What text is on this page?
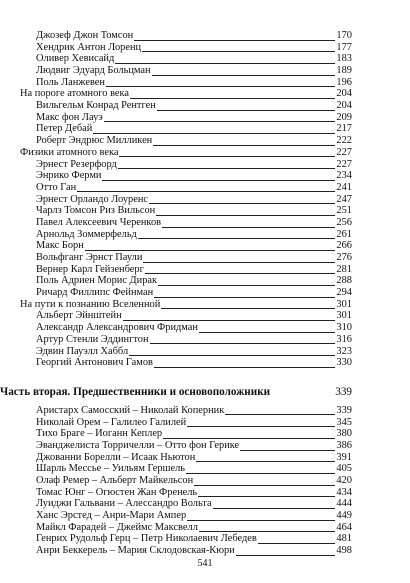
Джозеф Джон Томсон	170
Хендрик Антон Лоренц	177
Оливер Хевисайд	183
Людвиг Эдуард Больцман	189
Поль Ланжевен	196
На пороге атомного века	204
Вильгельм Конрад Рентген	204
Макс фон Лауэ	209
Петер Дебай	217
Роберт Эндрюс Милликен	222
Физики атомного века	227
Эрнест Резерфорд	227
Энрико Ферми	234
Отто Ган	241
Эрнест Орландо Лоуренс	247
Чарлз Томсон Риз Вильсон	251
Павел Алексеевич Черенков	256
Арнольд Зоммерфельд	261
Макс Борн	266
Вольфганг Эрнст Паули	276
Вернер Карл Гейзенберг	281
Поль Адриен Морис Дирак	288
Ричард Филлипс Фейнман	294
На пути к познанию Вселенной	301
Альберт Эйнштейн	301
Александр Александрович Фридман	310
Артур Стенли Эддингтон	316
Эдвин Пауэлл Хаббл	323
Георгий Антонович Гамов	330
Часть вторая. Предшественники и основоположники	339
Аристарх Самосский – Николай Коперник	339
Николай Орем – Галилео Галилей	345
Тихо Браге – Иоганн Кеплер	380
Эванджелиста Торричелли – Отто фон Герике	386
Джованни Борелли – Исаак Ньютон	391
Шарль Мессье – Уильям Гершель	405
Олаф Ремер – Альберт Майкельсон	420
Томас Юнг – Огюстен Жан Френель	434
Луиджи Гальвани – Алессандро Вольта	444
Ханс Эрстед – Анри-Мари Ампер	449
Майкл Фарадей – Джеймс Максвелл	464
Генрих Рудольф Герц – Петр Николаевич Лебедев	481
Анри Беккерель – Мария Склодовская-Кюри	498
541
